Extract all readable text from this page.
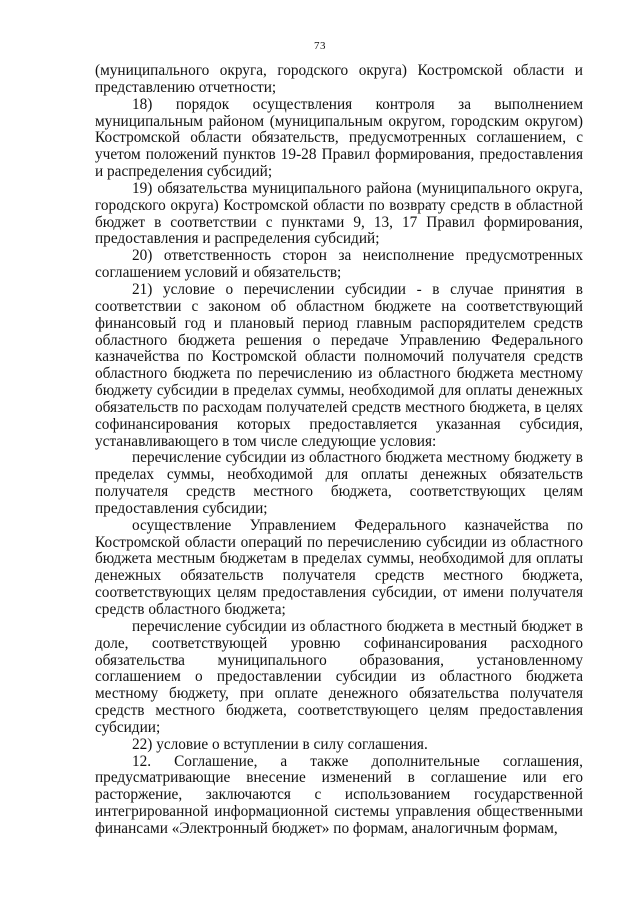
73

(муниципального округа, городского округа) Костромской области и представлению отчетности;

18) порядок осуществления контроля за выполнением муниципальным районом (муниципальным округом, городским округом) Костромской области обязательств, предусмотренных соглашением, с учетом положений пунктов 19-28 Правил формирования, предоставления и распределения субсидий;

19) обязательства муниципального района (муниципального округа, городского округа) Костромской области по возврату средств в областной бюджет в соответствии с пунктами 9, 13, 17 Правил формирования, предоставления и распределения субсидий;

20) ответственность сторон за неисполнение предусмотренных соглашением условий и обязательств;

21) условие о перечислении субсидии - в случае принятия в соответствии с законом об областном бюджете на соответствующий финансовый год и плановый период главным распорядителем средств областного бюджета решения о передаче Управлению Федерального казначейства по Костромской области полномочий получателя средств областного бюджета по перечислению из областного бюджета местному бюджету субсидии в пределах суммы, необходимой для оплаты денежных обязательств по расходам получателей средств местного бюджета, в целях софинансирования которых предоставляется указанная субсидия, устанавливающего в том числе следующие условия:

перечисление субсидии из областного бюджета местному бюджету в пределах суммы, необходимой для оплаты денежных обязательств получателя средств местного бюджета, соответствующих целям предоставления субсидии;

осуществление Управлением Федерального казначейства по Костромской области операций по перечислению субсидии из областного бюджета местным бюджетам в пределах суммы, необходимой для оплаты денежных обязательств получателя средств местного бюджета, соответствующих целям предоставления субсидии, от имени получателя средств областного бюджета;

перечисление субсидии из областного бюджета в местный бюджет в доле, соответствующей уровню софинансирования расходного обязательства муниципального образования, установленному соглашением о предоставлении субсидии из областного бюджета местному бюджету, при оплате денежного обязательства получателя средств местного бюджета, соответствующего целям предоставления субсидии;

22) условие о вступлении в силу соглашения.

12. Соглашение, а также дополнительные соглашения, предусматривающие внесение изменений в соглашение или его расторжение, заключаются с использованием государственной интегрированной информационной системы управления общественными финансами «Электронный бюджет» по формам, аналогичным формам,
